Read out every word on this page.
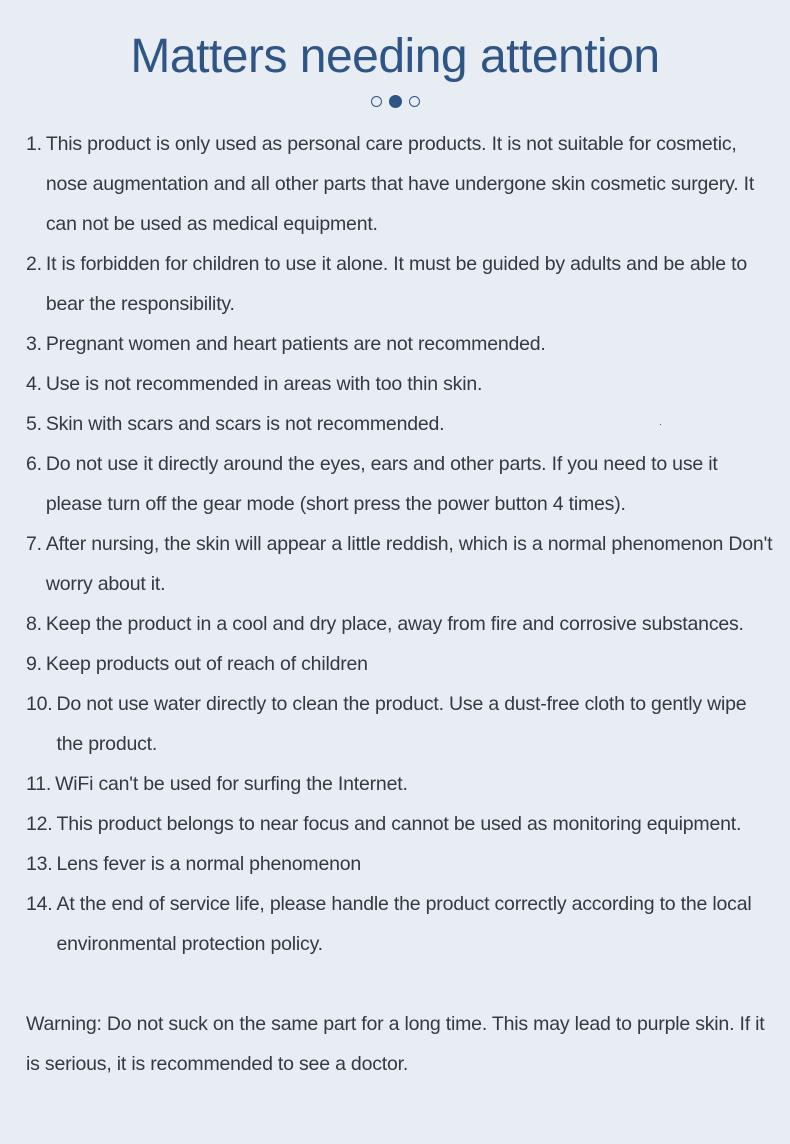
Matters needing attention
1. This product is only used as personal care products. It is not suitable for cosmetic, nose augmentation and all other parts that have undergone skin cosmetic surgery. It can not be used as medical equipment.
2. It is forbidden for children to use it alone. It must be guided by adults and be able to bear the responsibility.
3. Pregnant women and heart patients are not recommended.
4. Use is not recommended in areas with too thin skin.
5. Skin with scars and scars is not recommended.
6. Do not use it directly around the eyes, ears and other parts. If you need to use it please turn off the gear mode (short press the power button 4 times).
7. After nursing, the skin will appear a little reddish, which is a normal phenomenon Don't worry about it.
8. Keep the product in a cool and dry place, away from fire and corrosive substances.
9. Keep products out of reach of children
10. Do not use water directly to clean the product. Use a dust-free cloth to gently wipe the product.
11. WiFi can't be used for surfing the Internet.
12. This product belongs to near focus and cannot be used as monitoring equipment.
13. Lens fever is a normal phenomenon
14. At the end of service life, please handle the product correctly according to the local environmental protection policy.

Warning: Do not suck on the same part for a long time. This may lead to purple skin. If it is serious, it is recommended to see a doctor.
